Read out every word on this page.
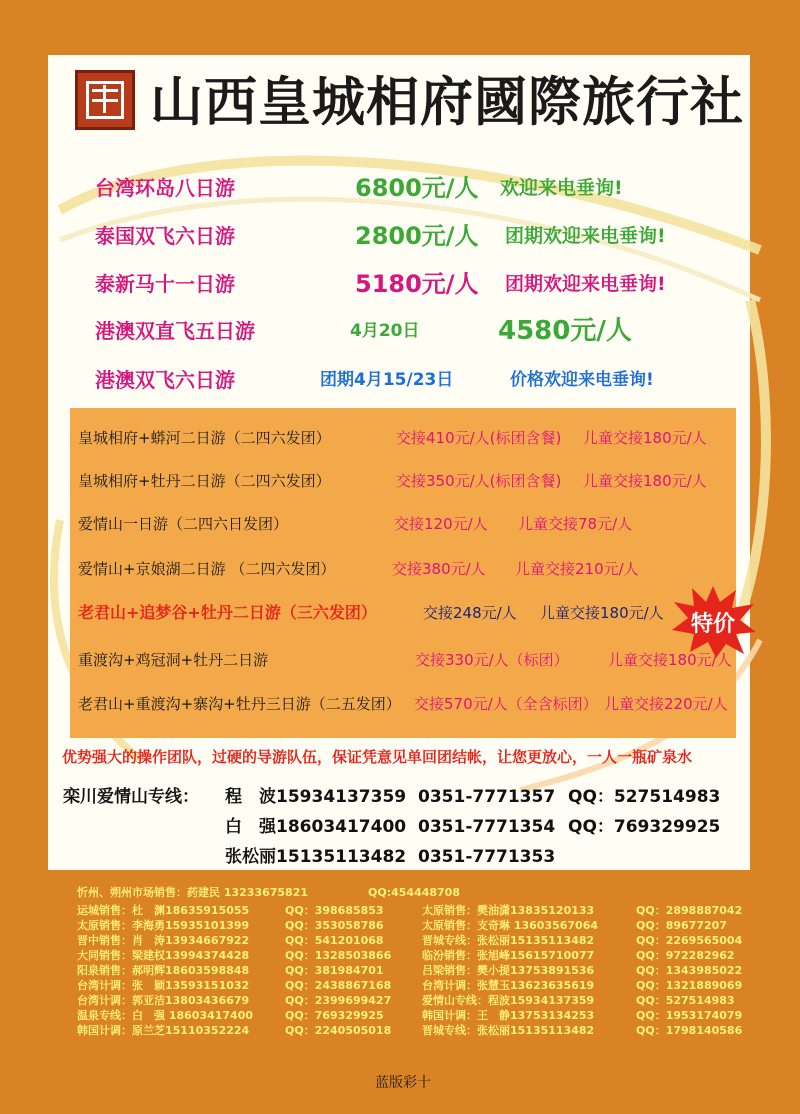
山西皇城相府國際旅行社
台湾环岛八日游	6800元/人 欢迎来电垂询!
泰国双飞六日游	2800元/人 团期欢迎来电垂询!
泰新马十一日游	5180元/人 团期欢迎来电垂询!
港澳双直飞五日游	4月20日	4580元/人
港澳双飞六日游	团期4月15/23日	价格欢迎来电垂询!
皇城相府+蟒河二日游（二四六发团）	交接410元/人(标团含餐) 儿童交接180元/人
皇城相府+牡丹二日游（二四六发团）	交接350元/人(标团含餐) 儿童交接180元/人
爱情山一日游（二四六日发团）	交接120元/人 儿童交接78元/人
爱情山+京娘湖二日游 （二四六发团）	交接380元/人 儿童交接210元/人
老君山+追梦谷+牡丹二日游（三六发团）	交接248元/人 儿童交接180元/人
重渡沟+鸡冠洞+牡丹二日游	交接330元/人（标团）	儿童交接180元/人
老君山+重渡沟+寨沟+牡丹三日游（二五发团） 交接570元/人（全含标团） 儿童交接220元/人
特价
优势强大的操作团队，过硬的导游队伍，保证凭意见单回团结帐，让您更放心，一人一瓶矿泉水
栾川爱情山专线： 程　波15934137359 0351-7771357 QQ：527514983
白　强18603417400 0351-7771354 QQ：769329925
张松丽15135113482 0351-7771353
忻州、朔州市场销售：药建民 13233675821	QQ:454448708
运城销售：杜　渊18635915055	QQ：398685853	太原销售：樊油潇13835120133	QQ：2898887042
太原销售：李海勇15935101399	QQ：353058786	太原销售：支奇琳 13603567064	QQ：89677207
晋中销售：肖　涛13934667922	QQ：541201068	晋城专线：张松丽15135113482	QQ：2269565004
大同销售：梁建权13994374428	QQ：1328503866	临汾销售：张旭峰15615710077	QQ：972282962
阳泉销售：郝明辉18603598848	QQ：381984701	吕梁销售：樊小提13753891536	QQ：1343985022
台湾计调：张　颖13593151032	QQ：2438867168	台湾计调：张慧玉13623635619	QQ：1321889069
台湾计调：郭亚洁13803436679	QQ：2399699427	爱情山专线：程波15934137359	QQ：527514983
温泉专线：白　强 18603417400	QQ：769329925	韩国计调：王　静13753134253	QQ：1953174079
韩国计调：原兰芝15110352224	QQ：2240505018	晋城专线：张松丽15135113482	QQ：1798140586
蓝版彩十
